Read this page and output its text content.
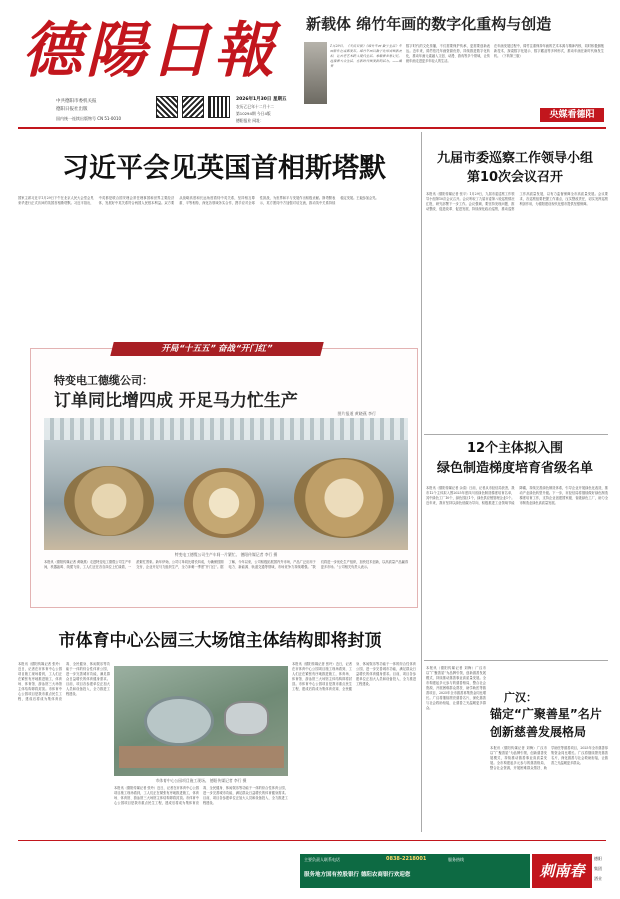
德陽日報
中共德阳市委机关报
德阳日报社出版
国内统一连续出版物号 CN 51-0010
2026年1月30日 星期五
农历乙巳年十二月十二
第10294期 今日4版
德阳报业 网址：
新载体 绵竹年画的数字化重构与创造
1月29日，《天府日报》《绵竹年画·数字生活》年画新作在成都发布。绵竹年画以数字化形式焕新亮相，让古老艺术跨入现代生活，承载着乡愁记忆，连接着大众生活，在新时代焕发新的活力。——编者
数字时代的文化传播，不仅需要保护传承，更需要创新表达。近年来，绵竹依托年画资源优势，持续推进数字化转化，推动年画元素融入文创、动漫、游戏等多个领域，让传统年画走进更多年轻人的生活。
在年画发展过程中，绵竹注重保持年画的艺术本源与精神内核，同时积极拥抱新技术，探索数字化展示、数字藏品等多种形式，推动年画在新时代焕发生机。（下转第三版）
央媒看德阳
习近平会见英国首相斯塔默
国家主席习近平1月29日下午在北京人民大会堂会见来华进行正式访问的英国首相斯塔默。习近平指出，中英都是联合国安理会常任理事国和世界主要经济体，发展好中英关系符合两国人民根本利益。双方要从战略高度和长远角度看待中英关系，坚持相互尊重、平等相待，深化各领域务实合作，携手应对全球性挑战，为世界和平与发展作出积极贡献。斯塔默表示，英方愿同中方加强对话交流，推动英中关系持续稳定发展。王毅参加会见。
九届市委巡察工作领导小组
第10次会议召开
本报讯（德阳传媒记者 张平）1月29日，九届市委巡察工作领导小组第10次会议召开。会议听取了九届市委第八轮巡察情况汇报，研究部署下一步工作。会议强调，要坚持发现问题、推动整改、促进改革、促进发展，持续深化政治巡察，推动巡察工作高质量发展，以有力监督保障全市高质量发展。会议要求，各巡察组要把握工作重点，压实整改责任，切实发挥巡察利剑作用，为德阳建设现代化强市提供坚强保障。
12个主体拟入围
绿色制造梯度培育省级名单
本报讯（德阳传媒记者 余清）日前，记者从市经信局获悉，我市12个主体拟入围2025年度四川省绿色制造梯度培育名单，其中绿色工厂10个，绿色园区1个，绿色供应链管理企业1个。近年来，我市坚持以绿色低碳为导向，积极推进工业领域节能降碳，持续完善绿色制造体系，引导企业开展绿色化改造，推动产业绿色转型升级。下一步，市经信局将继续做好绿色制造梯度培育工作，支持企业创建国家级、省级绿色工厂，助力全市制造业绿色高质量发展。
广汉：
锚定“广聚善星”名片
创新慈善发展格局
本报讯（德阳传媒记者 刘梅）广汉市以“广聚善星”为品牌引领，创新慈善发展模式，持续推动慈善事业高质量发展。全市构建起多元参与的慈善格局，整合社会资源，开展困难群众帮扶、助学助医等慈善项目，2025年全市慈善募集资金同比增长。广汉将继续擦亮慈善名片，深化慈善与社会救助衔接，让慈善之光温暖更多群众。
本报讯（德阳传媒记者 刘梅）广汉市以“广聚善星”为品牌引领，创新慈善发展模式，持续推动慈善事业高质量发展。全市构建起多元参与的慈善格局，整合社会资源，开展困难群众帮扶、助学助医等慈善项目，2025年全市慈善募集资金同比增长。广汉将继续擦亮慈善名片，深化慈善与社会救助衔接，让慈善之光温暖更多群众。
开局“十五五” 奋战“开门红”
特变电工德缆公司：
订单同比增四成 开足马力忙生产
图片报道 黄晓燕 李行
特变电工德缆公司生产车间一片繁忙。 德阳传媒记者 李行 摄
本报讯（德阳传媒记者 黄晓燕）走进特变电工德缆公司生产车间，机器轰鸣、线缆飞转，工人们正在各自岗位上忙碌着，一派繁忙景象。新年伊始，公司订单同比增长四成，为确保按期交付，企业开足马力组织生产，全力冲刺一季度“开门红”。据了解，今年以来，公司积极拓展国内外市场，产品广泛应用于电力、新能源、轨道交通等领域，市场竞争力持续增强。“我们将进一步优化生产组织，加快技术创新，以高质量产品赢得更多市场。”公司相关负责人表示。
市体育中心公园三大场馆主体结构即将封顶
本报讯（德阳传媒记者 张玲）近日，记者在市体育中心公园项目施工现场看到，工人们正在紧张有序地推进施工，体育场、体育馆、游泳馆三大场馆主体结构即将封顶。市体育中心公园项目是我市重点民生工程，建成后将成为集体育竞赛、全民健身、休闲娱乐等功能于一体的综合性体育公园，进一步完善城市功能，满足群众日益增长的体育健身需求。目前，项目各参建单位正加大人员和设备投入，全力推进工程建设。
市体育中心公园项目施工现场。 德阳传媒记者 李行 摄
本报讯（德阳传媒记者 张玲）近日，记者在市体育中心公园项目施工现场看到，工人们正在紧张有序地推进施工，体育场、体育馆、游泳馆三大场馆主体结构即将封顶。市体育中心公园项目是我市重点民生工程，建成后将成为集体育竞赛、全民健身、休闲娱乐等功能于一体的综合性体育公园，进一步完善城市功能，满足群众日益增长的体育健身需求。目前，项目各参建单位正加大人员和设备投入，全力推进工程建设。
本报讯（德阳传媒记者 张玲）近日，记者在市体育中心公园项目施工现场看到，工人们正在紧张有序地推进施工，体育场、体育馆、游泳馆三大场馆主体结构即将封顶。市体育中心公园项目是我市重点民生工程，建成后将成为集体育竞赛、全民健身、休闲娱乐等功能于一体的综合性体育公园，进一步完善城市功能，满足群众日益增长的体育健身需求。目前，项目各参建单位正加大人员和设备投入，全力推进工程建设。
主要负责人联系电话	0838-2218001	服务热线
服务地方国有控股银行 德阳农商银行欢迎您	刺南春
德阳
集团
酒业
